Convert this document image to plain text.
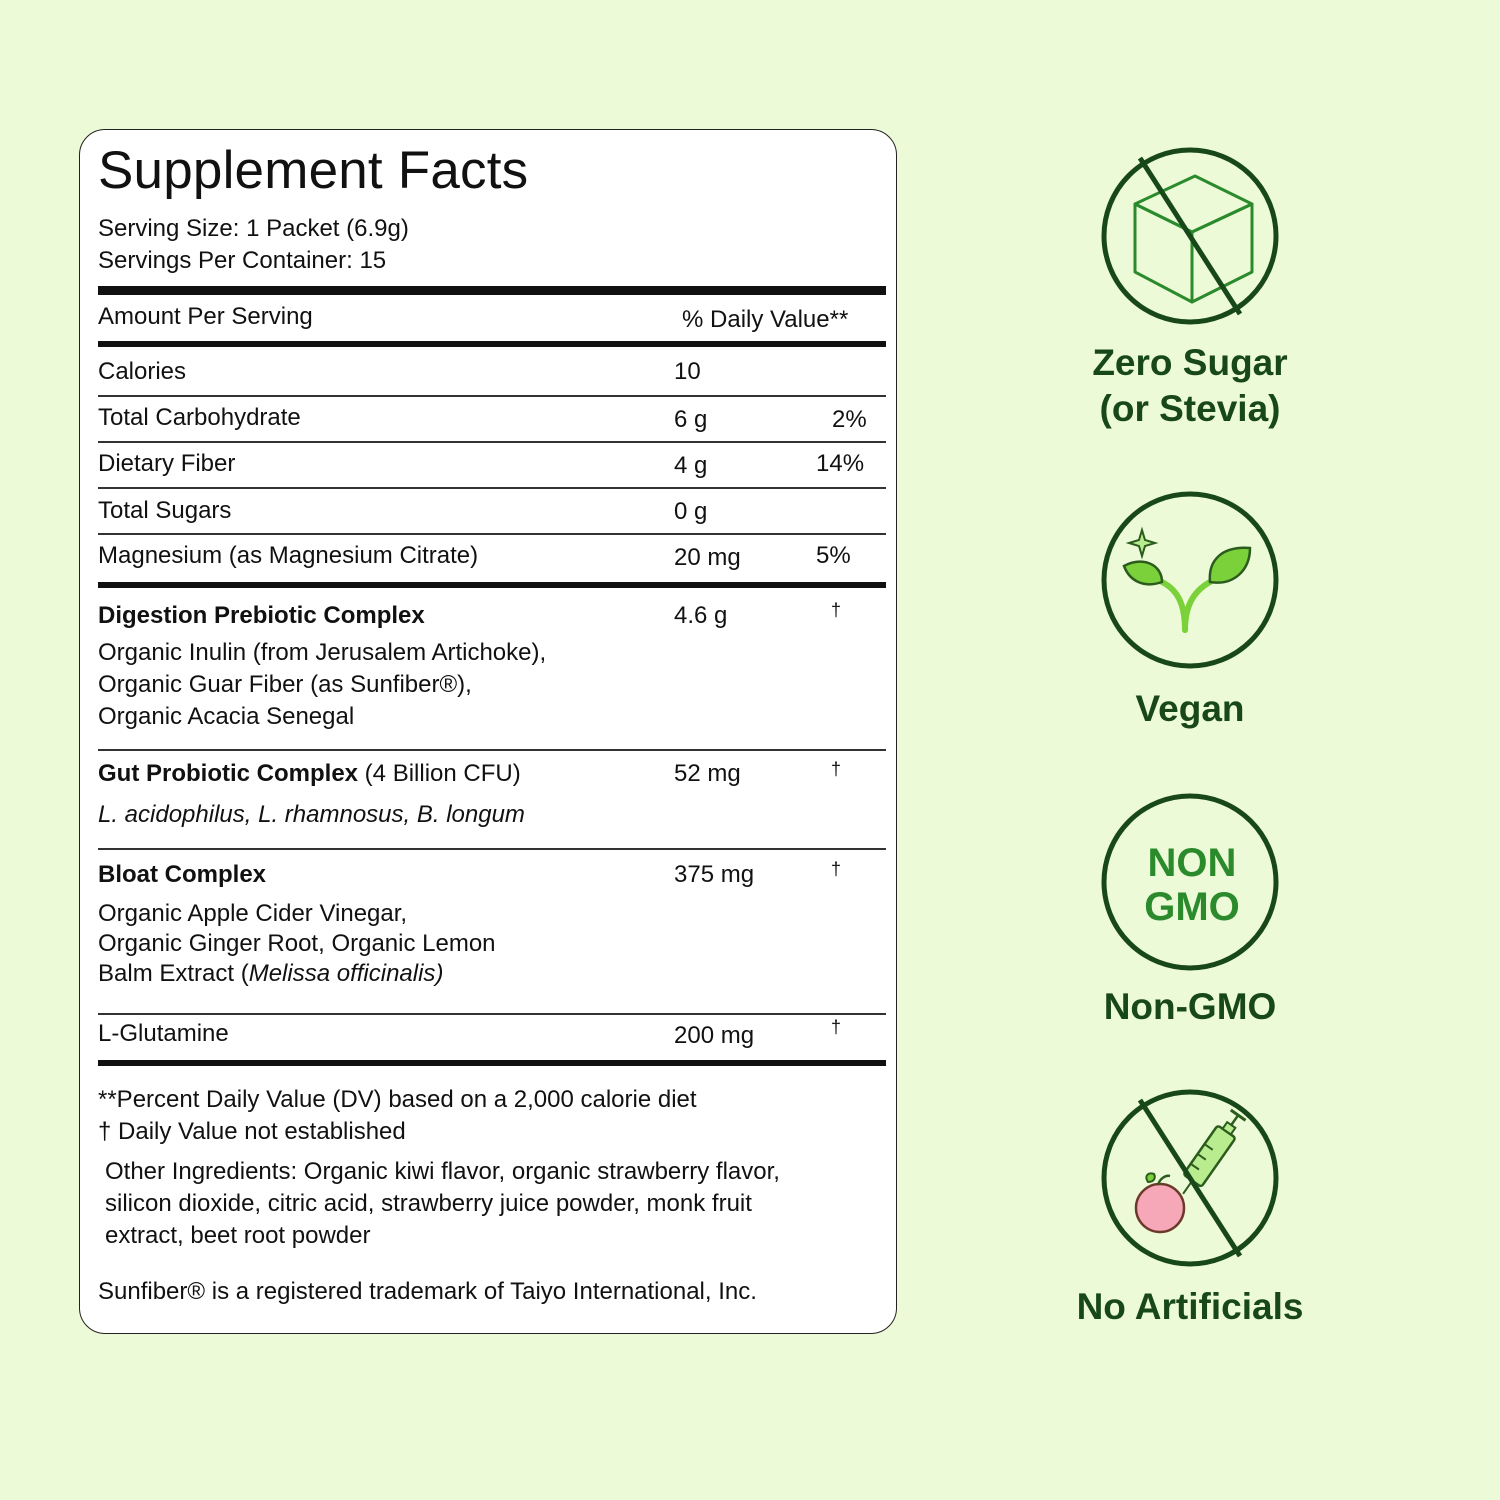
Supplement Facts
Serving Size: 1 Packet (6.9g)
Servings Per Container: 15
Amount Per Serving	% Daily Value**
Calories	10
Total Carbohydrate	6 g	2%
Dietary Fiber	4 g	14%
Total Sugars	0 g
Magnesium (as Magnesium Citrate)	20 mg	5%
Digestion Prebiotic Complex	4.6 g	†
Organic Inulin (from Jerusalem Artichoke),
Organic Guar Fiber (as Sunfiber®),
Organic Acacia Senegal
Gut Probiotic Complex (4 Billion CFU)	52 mg	†
L. acidophilus, L. rhamnosus, B. longum
Bloat Complex	375 mg	†
Organic Apple Cider Vinegar,
Organic Ginger Root, Organic Lemon
Balm Extract (Melissa officinalis)
L-Glutamine	200 mg	†
**Percent Daily Value (DV) based on a 2,000 calorie diet
† Daily Value not established
Other Ingredients: Organic kiwi flavor, organic strawberry flavor, silicon dioxide, citric acid, strawberry juice powder, monk fruit extract, beet root powder
Sunfiber® is a registered trademark of Taiyo International, Inc.
Zero Sugar
(or Stevia)
Vegan
NON
GMO
Non-GMO
No Artificials
